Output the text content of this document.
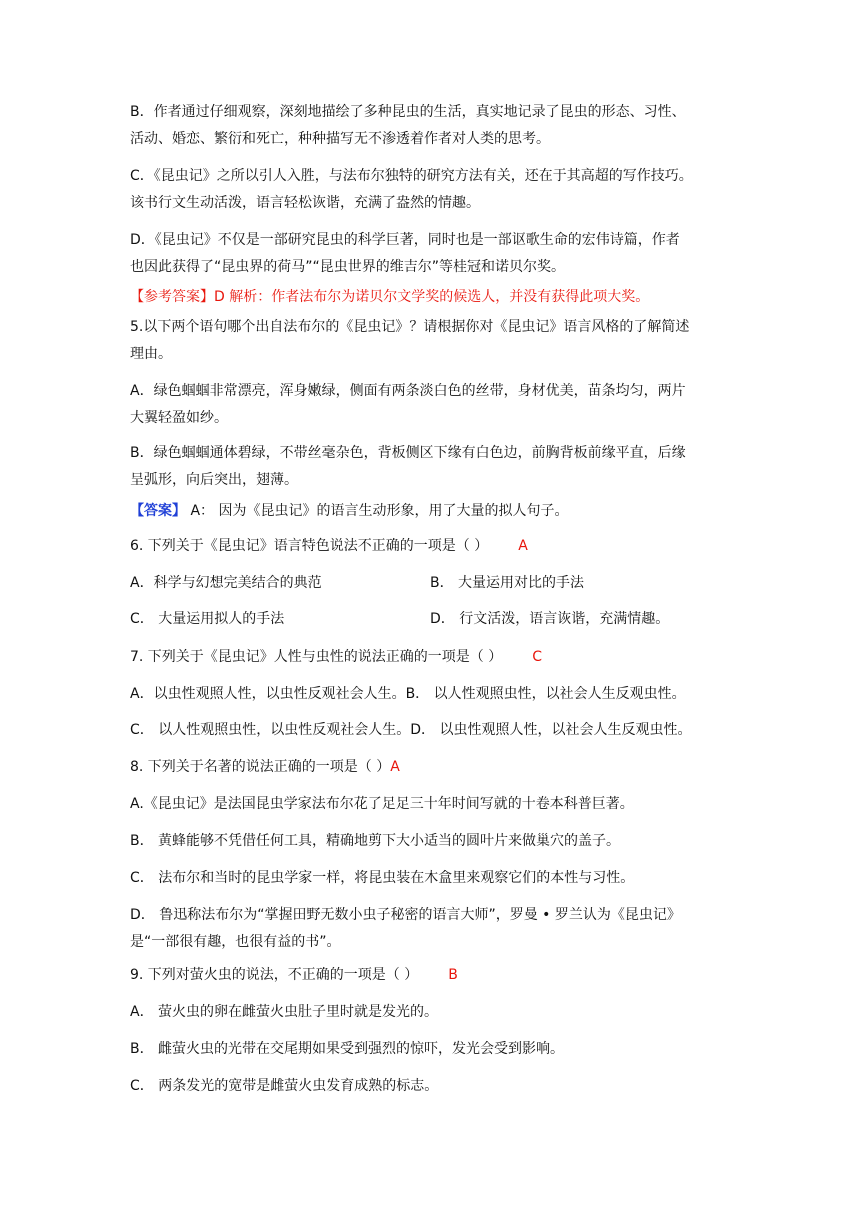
B．作者通过仔细观察，深刻地描绘了多种昆虫的生活，真实地记录了昆虫的形态、习性、

活动、婚恋、繁衍和死亡，种种描写无不渗透着作者对人类的思考。

C．《昆虫记》之所以引人入胜，与法布尔独特的研究方法有关，还在于其高超的写作技巧。

该书行文生动活泼，语言轻松诙谐，充满了盎然的情趣。

D．《昆虫记》不仅是一部研究昆虫的科学巨著，同时也是一部讴歌生命的宏伟诗篇，作者

也因此获得了“昆虫界的荷马”“昆虫世界的维吉尔”等桂冠和诺贝尔奖。

【参考答案】D 解析：作者法布尔为诺贝尔文学奖的候选人，并没有获得此项大奖。

5.以下两个语句哪个出自法布尔的《昆虫记》？请根据你对《昆虫记》语言风格的了解简述

理由。

A．绿色蝈蝈非常漂亮，浑身嫩绿，侧面有两条淡白色的丝带，身材优美，苗条均匀，两片

大翼轻盈如纱。

B．绿色蝈蝈通体碧绿，不带丝毫杂色，背板侧区下缘有白色边，前胸背板前缘平直，后缘

呈弧形，向后突出，翅薄。

【答案】 A： 因为《昆虫记》的语言生动形象，用了大量的拟人句子。

6. 下列关于《昆虫记》语言特色说法不正确的一项是（ ） A

A．科学与幻想完美结合的典范	B． 大量运用对比的手法

C． 大量运用拟人的手法	D． 行文活泼，语言诙谐，充满情趣。

7. 下列关于《昆虫记》人性与虫性的说法正确的一项是（ ） C

A．以虫性观照人性，以虫性反观社会人生。B． 以人性观照虫性，以社会人生反观虫性。

C． 以人性观照虫性，以虫性反观社会人生。D． 以虫性观照人性，以社会人生反观虫性。

8. 下列关于名著的说法正确的一项是（ ）A

A.《昆虫记》是法国昆虫学家法布尔花了足足三十年时间写就的十卷本科普巨著。

B． 黄蜂能够不凭借任何工具，精确地剪下大小适当的圆叶片来做巢穴的盖子。

C． 法布尔和当时的昆虫学家一样，将昆虫装在木盒里来观察它们的本性与习性。

D． 鲁迅称法布尔为“掌握田野无数小虫子秘密的语言大师”，罗曼 • 罗兰认为《昆虫记》

是“一部很有趣，也很有益的书”。

9. 下列对萤火虫的说法，不正确的一项是（ ） B

A． 萤火虫的卵在雌萤火虫肚子里时就是发光的。

B． 雌萤火虫的光带在交尾期如果受到强烈的惊吓，发光会受到影响。

C． 两条发光的宽带是雌萤火虫发育成熟的标志。
